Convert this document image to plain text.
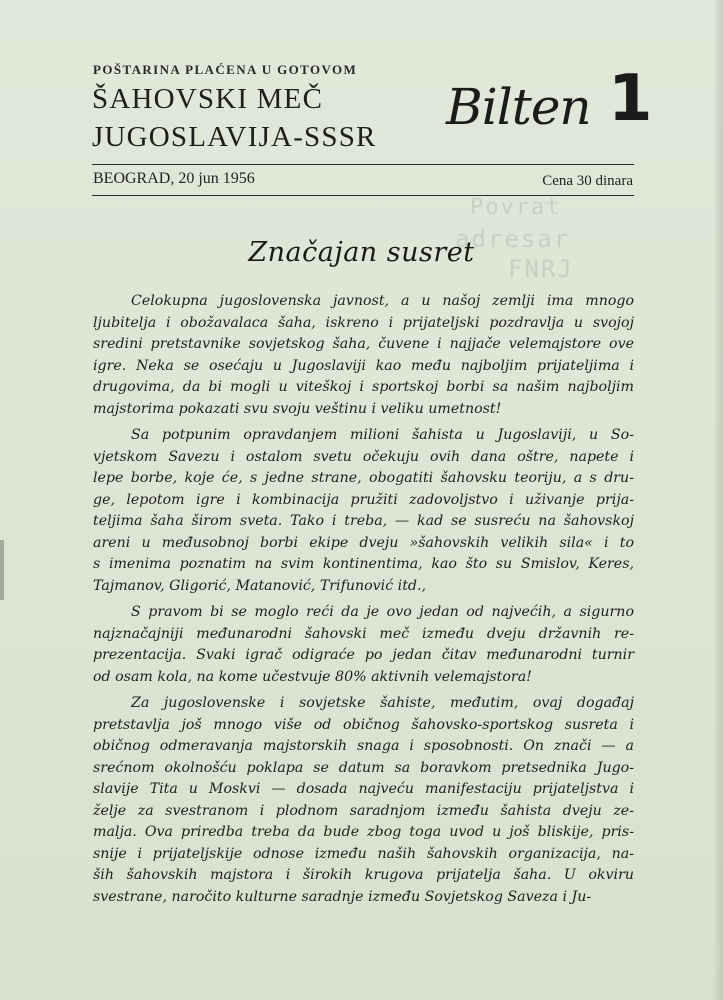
POŠTARINA PLAĆENA U GOTOVOM
ŠAHOVSKI MEČ
JUGOSLAVIJA-SSSR
Bilten 1
BEOGRAD, 20 jun 1956	Cena 30 dinara
Povrat
adresar
FNRJ
Značajan susret
Celokupna jugoslovenska javnost, a u našoj zemlji ima mnogo
ljubitelja i obožavalaca šaha, iskreno i prijateljski pozdravlja u svojoj
sredini pretstavnike sovjetskog šaha, čuvene i najjače velemajstore ove
igre. Neka se osećaju u Jugoslaviji kao među najboljim prijateljima i
drugovima, da bi mogli u viteškoj i sportskoj borbi sa našim najboljim
majstorima pokazati svu svoju veštinu i veliku umetnost!
Sa potpunim opravdanjem milioni šahista u Jugoslaviji, u So-
vjetskom Savezu i ostalom svetu očekuju ovih dana oštre, napete i
lepe borbe, koje će, s jedne strane, obogatiti šahovsku teoriju, a s dru-
ge, lepotom igre i kombinacija pružiti zadovoljstvo i uživanje prija-
teljima šaha širom sveta. Tako i treba, — kad se susreću na šahovskoj
areni u međusobnoj borbi ekipe dveju »šahovskih velikih sila« i to
s imenima poznatim na svim kontinentima, kao što su Smislov, Keres,
Tajmanov, Gligorić, Matanović, Trifunović itd.,
S pravom bi se moglo reći da je ovo jedan od najvećih, a sigurno
najznačajniji međunarodni šahovski meč između dveju državnih re-
prezentacija. Svaki igrač odigraće po jedan čitav međunarodni turnir
od osam kola, na kome učestvuje 80% aktivnih velemajstora!
Za jugoslovenske i sovjetske šahiste, međutim, ovaj događaj
pretstavlja još mnogo više od običnog šahovsko-sportskog susreta i
običnog odmeravanja majstorskih snaga i sposobnosti. On znači — a
srećnom okolnošću poklapa se datum sa boravkom pretsednika Jugo-
slavije Tita u Moskvi — dosada najveću manifestaciju prijateljstva i
želje za svestranom i plodnom saradnjom između šahista dveju ze-
malja. Ova priredba treba da bude zbog toga uvod u još bliskije, pris-
snije i prijateljskije odnose između naših šahovskih organizacija, na-
ših šahovskih majstora i širokih krugova prijatelja šaha. U okviru
svestrane, naročito kulturne saradnje između Sovjetskog Saveza i Ju-
